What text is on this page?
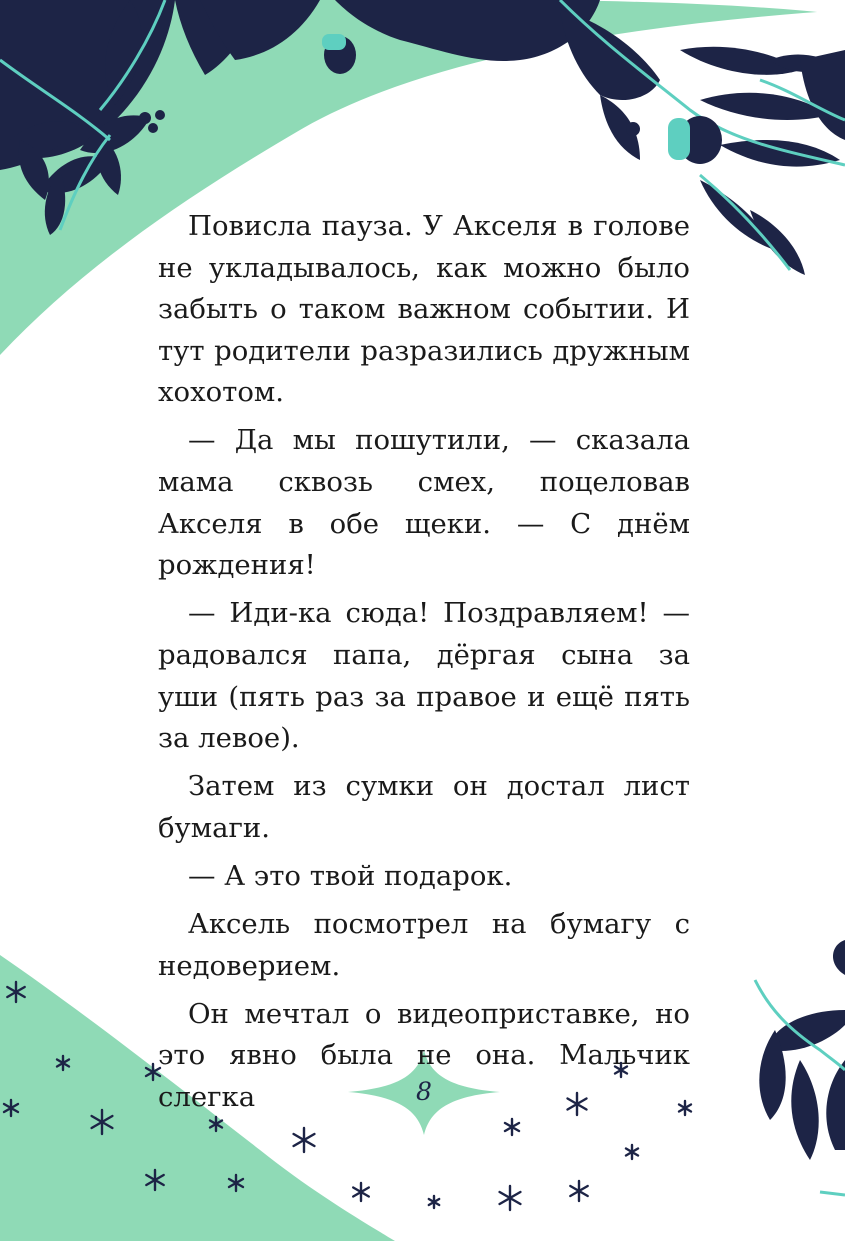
Повисла пауза. У Акселя в голове не укладывалось, как можно было забыть о таком важном событии. И тут родители разразились дружным хохотом.

— Да мы пошутили, — сказала мама сквозь смех, поцеловав Акселя в обе щеки. — С днём рождения!

— Иди-ка сюда! Поздравляем! — радовался папа, дёргая сына за уши (пять раз за правое и ещё пять за левое).

Затем из сумки он достал лист бумаги.

— А это твой подарок.

Аксель посмотрел на бумагу с недоверием.

Он мечтал о видеоприставке, но это явно была не она. Мальчик слегка	8
